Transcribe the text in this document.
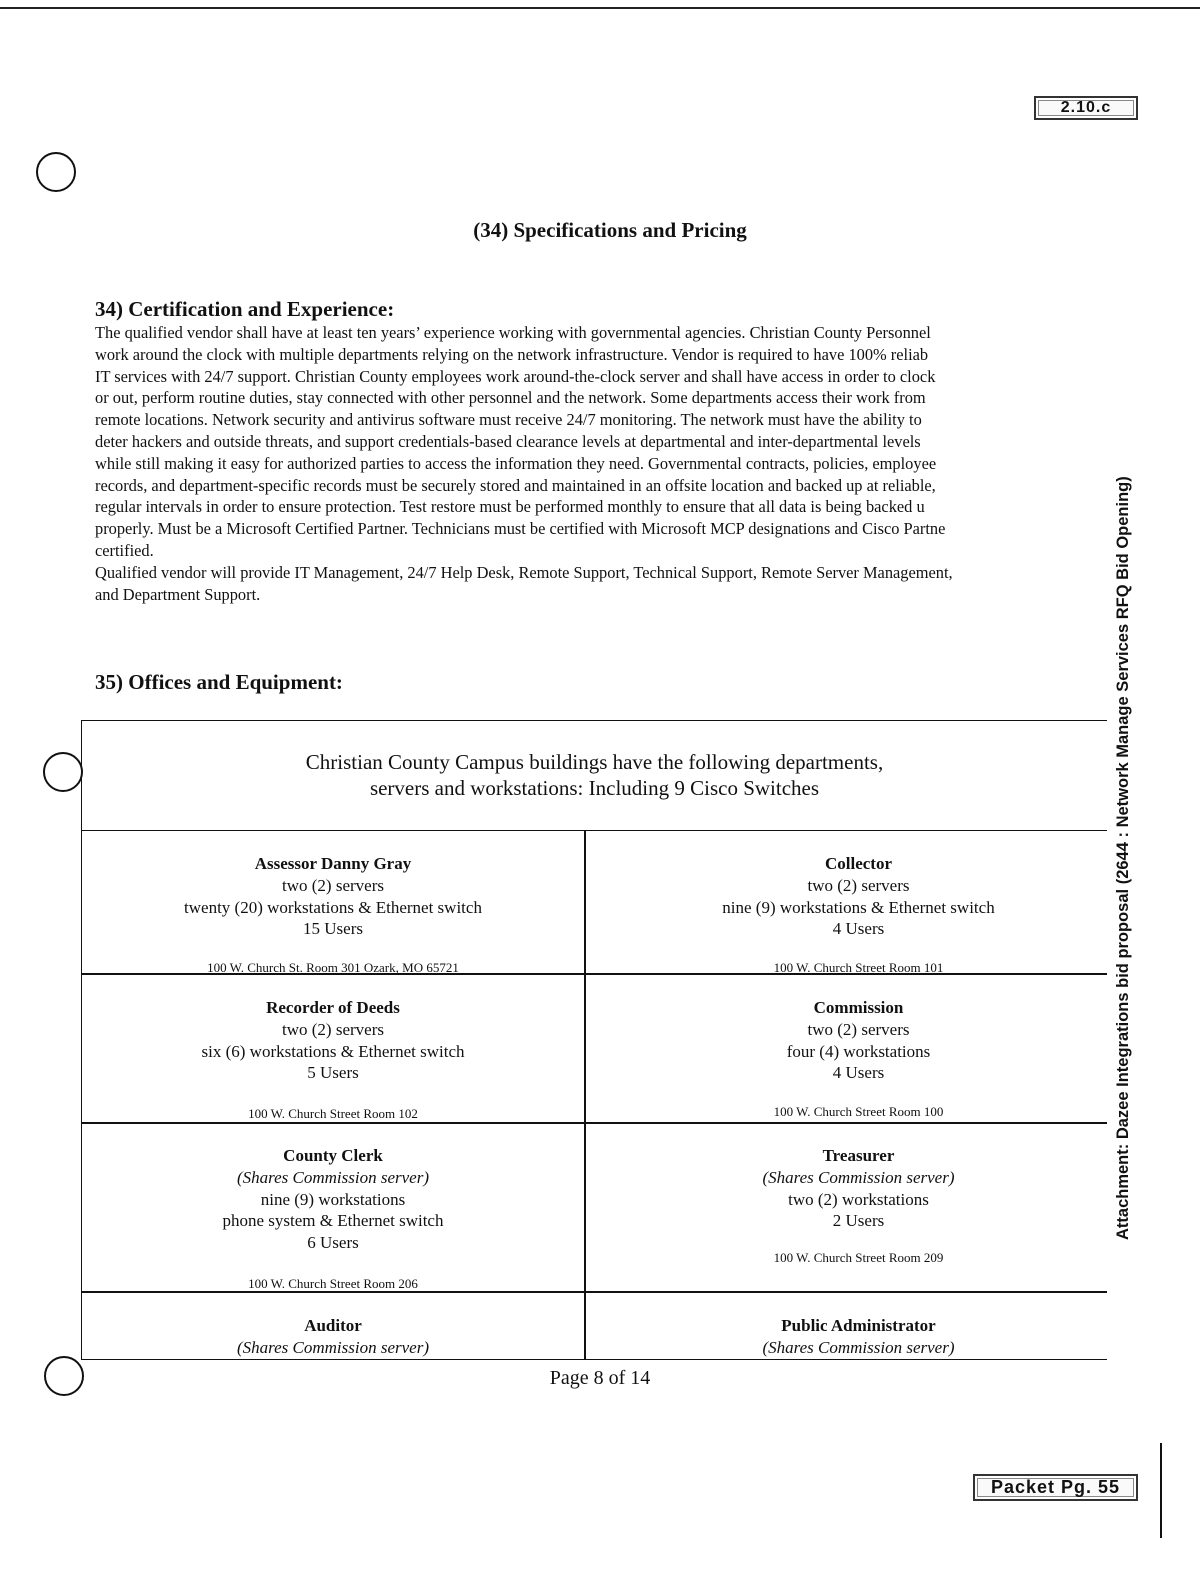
2.10.c
Attachment: Dazee Integrations bid proposal (2644 : Network Manage Services RFQ Bid Opening)
(34) Specifications and Pricing
34) Certification and Experience:
The qualified vendor shall have at least ten years’ experience working with governmental agencies. Christian County Personnel
work around the clock with multiple departments relying on the network infrastructure. Vendor is required to have 100% reliab
IT services with 24/7 support. Christian County employees work around-the-clock server and shall have access in order to clock
or out, perform routine duties, stay connected with other personnel and the network. Some departments access their work from
remote locations. Network security and antivirus software must receive 24/7 monitoring. The network must have the ability to
deter hackers and outside threats, and support credentials-based clearance levels at departmental and inter-departmental levels
while still making it easy for authorized parties to access the information they need. Governmental contracts, policies, employee
records, and department-specific records must be securely stored and maintained in an offsite location and backed up at reliable,
regular intervals in order to ensure protection. Test restore must be performed monthly to ensure that all data is being backed u
properly. Must be a Microsoft Certified Partner. Technicians must be certified with Microsoft MCP designations and Cisco Partne
certified.
Qualified vendor will provide IT Management, 24/7 Help Desk, Remote Support, Technical Support, Remote Server Management,
and Department Support.
35) Offices and Equipment:
Christian County Campus buildings have the following departments,
servers and workstations: Including 9 Cisco Switches
Assessor Danny Gray
two (2) servers
twenty (20) workstations & Ethernet switch
15 Users
100 W. Church St. Room 301 Ozark, MO 65721
Collector
two (2) servers
nine (9) workstations & Ethernet switch
4 Users
100 W. Church Street Room 101
Recorder of Deeds
two (2) servers
six (6) workstations & Ethernet switch
5 Users
100 W. Church Street Room 102
Commission
two (2) servers
four (4) workstations
4 Users
100 W. Church Street Room 100
County Clerk
(Shares Commission server)
nine (9) workstations
phone system & Ethernet switch
6 Users
100 W. Church Street Room 206
Treasurer
(Shares Commission server)
two (2) workstations
2 Users
100 W. Church Street Room 209
Auditor
(Shares Commission server)
Public Administrator
(Shares Commission server)
Page 8 of 14
Packet Pg. 55
